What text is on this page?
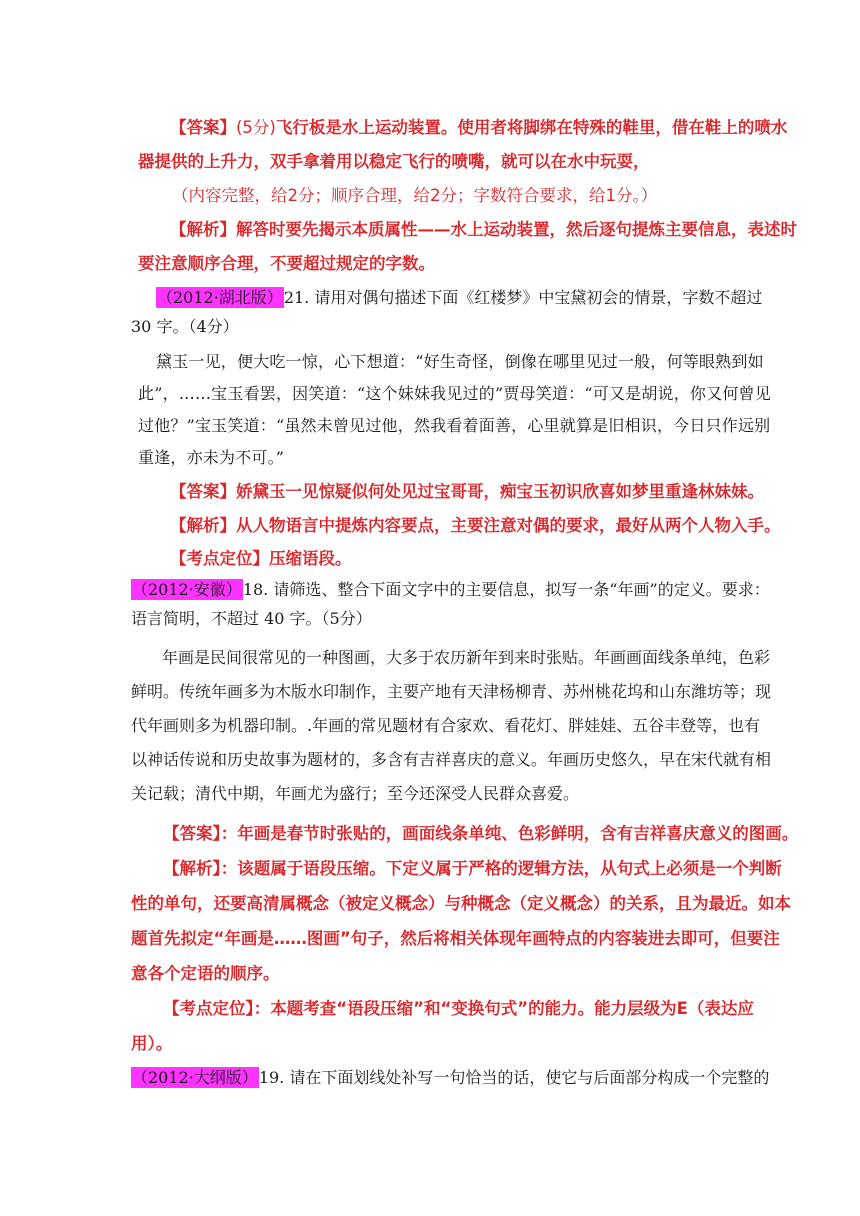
【答案】(5分)飞行板是水上运动装置。使用者将脚绑在特殊的鞋里，借在鞋上的喷水
器提供的上升力，双手拿着用以稳定飞行的喷嘴，就可以在水中玩耍，
（内容完整，给2分；顺序合理，给2分；字数符合要求，给1分。）
【解析】解答时要先揭示本质属性——水上运动装置，然后逐句提炼主要信息，表述时
要注意顺序合理，不要超过规定的字数。
（2012·湖北版）21. 请用对偶句描述下面《红楼梦》中宝黛初会的情景，字数不超过
30 字。（4分）
黛玉一见，便大吃一惊，心下想道：“好生奇怪，倒像在哪里见过一般，何等眼熟到如
此”，……宝玉看罢，因笑道：“这个妹妹我见过的”贾母笑道：“可又是胡说，你又何曾见
过他？”宝玉笑道：“虽然未曾见过他，然我看着面善，心里就算是旧相识，今日只作远别
重逢，亦未为不可。”
【答案】娇黛玉一见惊疑似何处见过宝哥哥，痴宝玉初识欣喜如梦里重逢林妹妹。
【解析】从人物语言中提炼内容要点，主要注意对偶的要求，最好从两个人物入手。
【考点定位】压缩语段。
（2012·安徽）18. 请筛选、整合下面文字中的主要信息，拟写一条“年画”的定义。要求：
语言简明，不超过 40 字。（5分）
年画是民间很常见的一种图画，大多于农历新年到来时张贴。年画画面线条单纯，色彩
鲜明。传统年画多为木版水印制作，主要产地有天津杨柳青、苏州桃花坞和山东潍坊等；现
代年画则多为机器印制。.年画的常见题材有合家欢、看花灯、胖娃娃、五谷丰登等，也有
以神话传说和历史故事为题材的，多含有吉祥喜庆的意义。年画历史悠久，早在宋代就有相
关记载；清代中期，年画尤为盛行；至今还深受人民群众喜爱。
【答案】：年画是春节时张贴的，画面线条单纯、色彩鲜明，含有吉祥喜庆意义的图画。
【解析】：该题属于语段压缩。下定义属于严格的逻辑方法，从句式上必须是一个判断
性的单句，还要高清属概念（被定义概念）与种概念（定义概念）的关系，且为最近。如本
题首先拟定“年画是……图画”句子，然后将相关体现年画特点的内容装进去即可，但要注
意各个定语的顺序。
【考点定位】：本题考查“语段压缩”和“变换句式”的能力。能力层级为E（表达应
用）。
（2012·大纲版）19. 请在下面划线处补写一句恰当的话，使它与后面部分构成一个完整的
